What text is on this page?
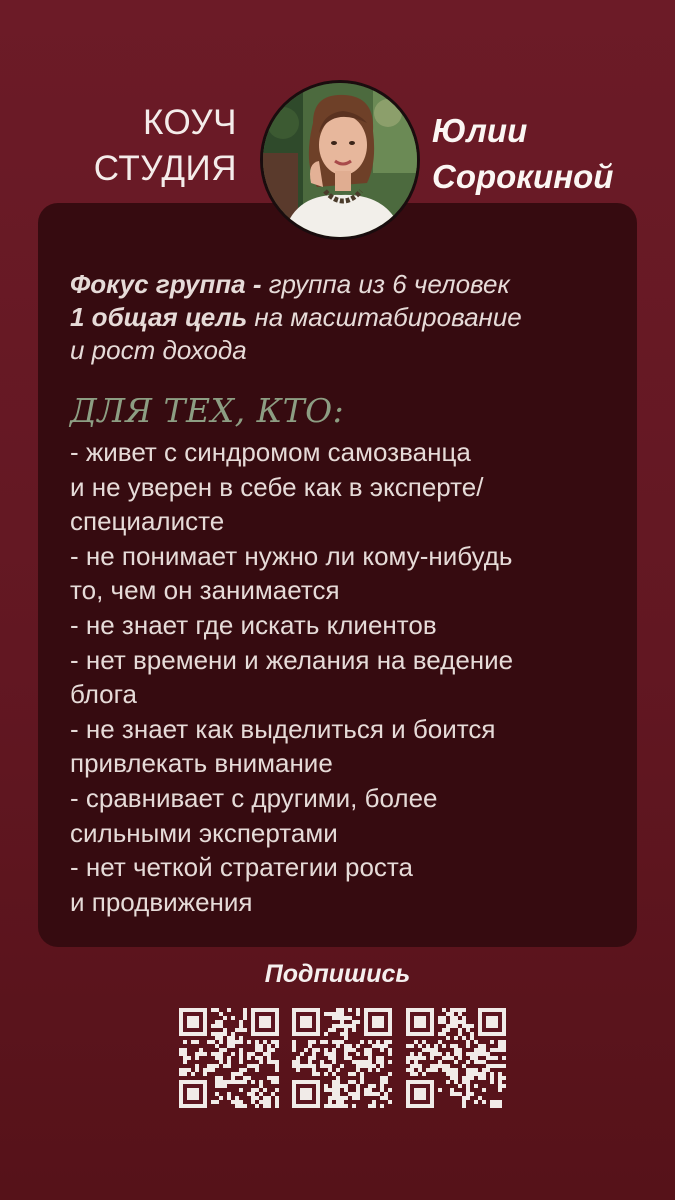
КОУЧ
СТУДИЯ
Юлии
Сорокиной
Фокус группа - группа из 6 человек
1 общая цель на масштабирование
и рост дохода
ДЛЯ ТЕХ, КТО:
- живет с синдромом самозванца
и не уверен в себе как в эксперте/
специалисте
- не понимает нужно ли кому-нибудь
то, чем он занимается
- не знает где искать клиентов
- нет времени и желания на ведение
блога
- не знает как выделиться и боится
привлекать внимание
- сравнивает с другими, более
сильными экспертами
- нет четкой стратегии роста
и продвижения
Подпишись
